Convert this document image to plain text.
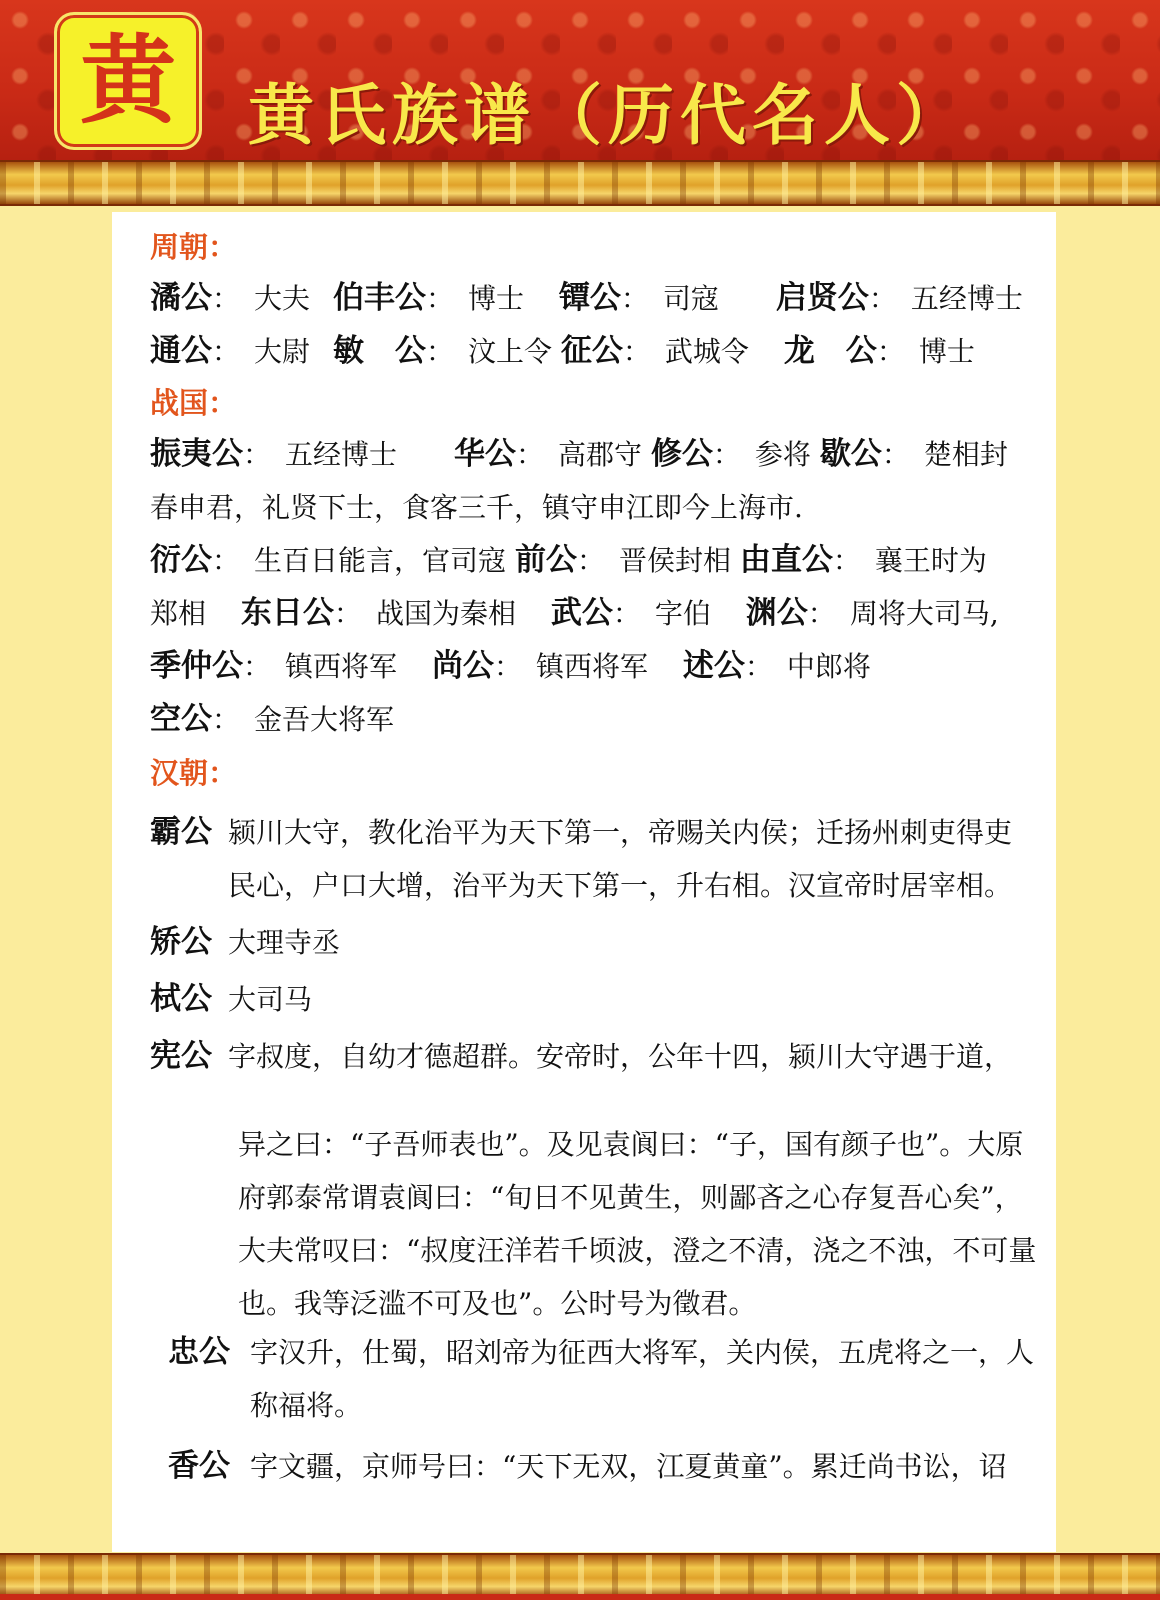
黄 黄氏族谱（历代名人）
周朝：
潏公： 大夫 伯丰公： 博士 镡公： 司寇 启贤公： 五经博士
通公： 大尉 敏　公： 汶上令 征公： 武城令 龙　公： 博士
战国：
振夷公： 五经博士 华公： 高郡守 修公： 参将 歇公： 楚相封
春申君，礼贤下士，食客三千，镇守申江即今上海市.
衍公： 生百日能言，官司寇 前公： 晋侯封相 由直公： 襄王时为
郑相 东日公： 战国为秦相 武公： 字伯 渊公： 周将大司马,
季仲公： 镇西将军 尚公： 镇西将军 述公： 中郎将
空公： 金吾大将军
汉朝：
霸公 颍川大守，教化治平为天下第一，帝赐关内侯；迁扬州刺吏得吏民心，户口大增，治平为天下第一，升右相。汉宣帝时居宰相。
矫公 大理寺丞
栻公 大司马
宪公 字叔度，自幼才德超群。安帝时，公年十四，颍川大守遇于道，
异之曰：“子吾师表也”。及见袁阆曰：“子，国有颜子也”。大原府郭泰常谓袁阆曰：“旬日不见黄生，则鄙吝之心存复吾心矣”，大夫常叹曰：“叔度汪洋若千顷波，澄之不清，浇之不浊，不可量也。我等泛滥不可及也”。公时号为徵君。
忠公 字汉升，仕蜀，昭刘帝为征西大将军，关内侯，五虎将之一，人称福将。
香公 字文疆，京师号曰：“天下无双，江夏黄童”。累迁尚书讼，诏
